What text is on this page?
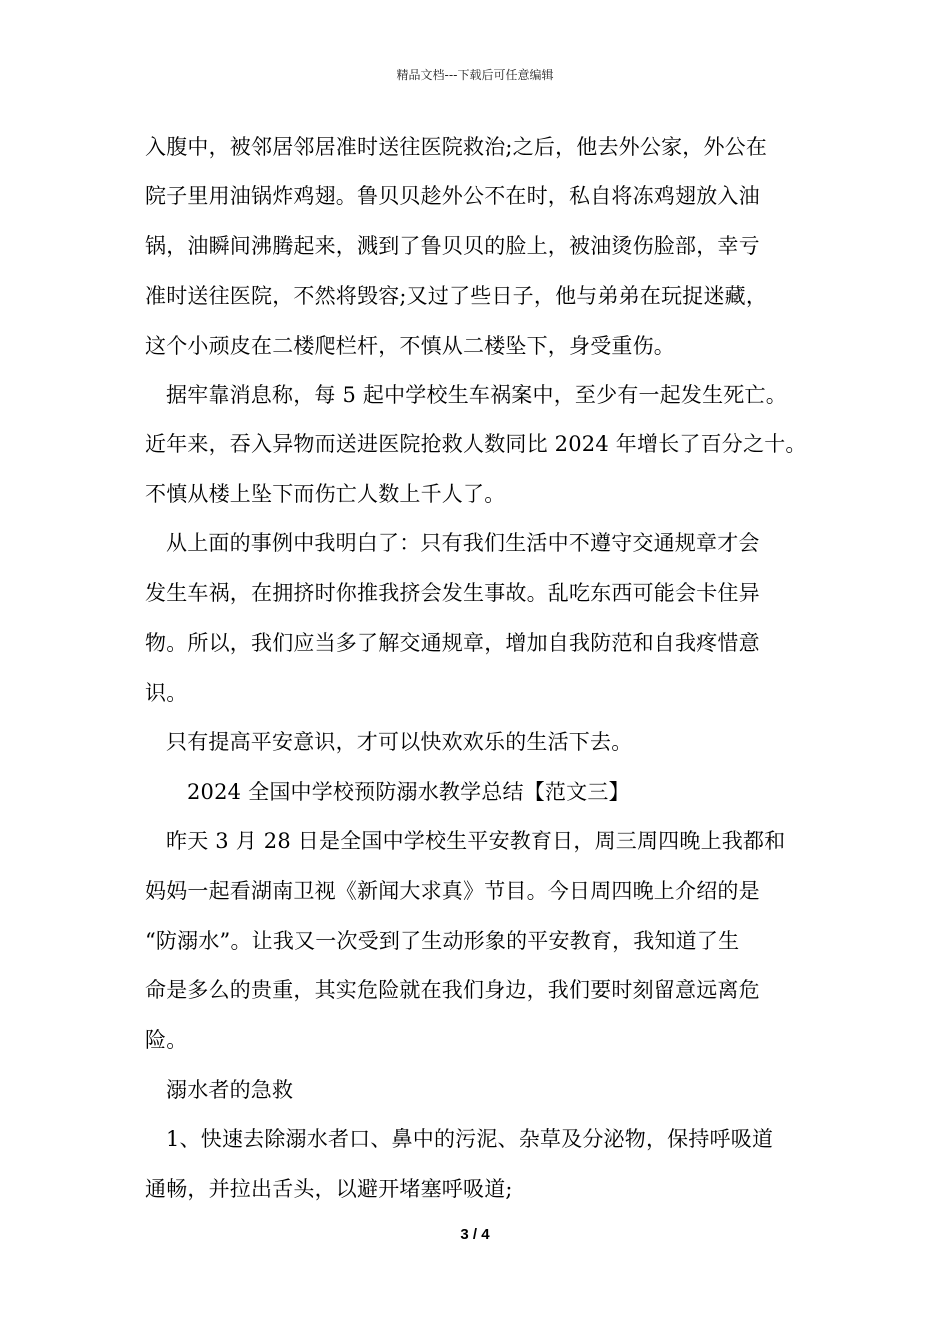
精品文档---下载后可任意编辑
入腹中，被邻居邻居准时送往医院救治;之后，他去外公家，外公在
院子里用油锅炸鸡翅。鲁贝贝趁外公不在时，私自将冻鸡翅放入油
锅，油瞬间沸腾起来，溅到了鲁贝贝的脸上，被油烫伤脸部，幸亏
准时送往医院，不然将毁容;又过了些日子，他与弟弟在玩捉迷藏，
这个小顽皮在二楼爬栏杆，不慎从二楼坠下，身受重伤。
据牢靠消息称，每 5 起中学校生车祸案中，至少有一起发生死亡。
近年来，吞入异物而送进医院抢救人数同比 2024 年增长了百分之十。
不慎从楼上坠下而伤亡人数上千人了。
从上面的事例中我明白了：只有我们生活中不遵守交通规章才会
发生车祸，在拥挤时你推我挤会发生事故。乱吃东西可能会卡住异
物。所以，我们应当多了解交通规章，增加自我防范和自我疼惜意
识。
只有提高平安意识，才可以快欢欢乐的生活下去。
2024 全国中学校预防溺水教学总结【范文三】
昨天 3 月 28 日是全国中学校生平安教育日，周三周四晚上我都和
妈妈一起看湖南卫视《新闻大求真》节目。今日周四晚上介绍的是
“防溺水”。让我又一次受到了生动形象的平安教育，我知道了生
命是多么的贵重，其实危险就在我们身边，我们要时刻留意远离危
险。
溺水者的急救
1、快速去除溺水者口、鼻中的污泥、杂草及分泌物，保持呼吸道
通畅，并拉出舌头，以避开堵塞呼吸道;
3 / 4
